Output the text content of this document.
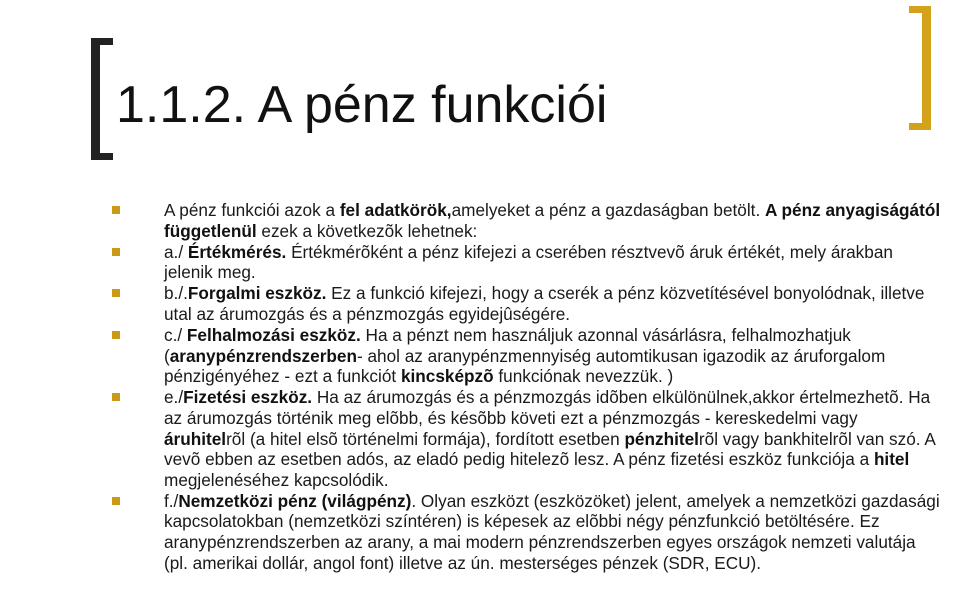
1.1.2. A pénz funkciói
A pénz funkciói azok a fel adatkörök,amelyeket a pénz a gazdaságban betölt. A pénz anyagiságától függetlenül ezek a következõk lehetnek:
a./ Értékmérés. Értékmérõként a pénz kifejezi a cserében résztvevõ áruk értékét, mely árakban jelenik meg.
b./.Forgalmi eszköz. Ez a funkció kifejezi, hogy a cserék a pénz közvetítésével bonyolódnak, illetve utal az árumozgás és a pénzmozgás egyidejûségére.
c./ Felhalmozási eszköz. Ha a pénzt nem használjuk azonnal vásárlásra, felhalmozhatjuk (aranypénzrendszerben- ahol az aranypénzmennyiség automtikusan igazodik az áruforgalom pénzigényéhez - ezt a funkciót kincsképzõ funkciónak nevezzük. )
e./Fizetési eszköz. Ha az árumozgás és a pénzmozgás idõben elkülönülnek,akkor értelmezhetõ. Ha az árumozgás történik meg elõbb, és késõbb követi ezt a pénzmozgás - kereskedelmi vagy áruhitelrõl (a hitel elsõ történelmi formája), fordított esetben pénzhitelrõl vagy bankhitelrõl van szó. A vevõ ebben az esetben adós, az eladó pedig hitelezõ lesz. A pénz fizetési eszköz funkciója a hitel megjelenéséhez kapcsolódik.
f./Nemzetközi pénz (világpénz). Olyan eszközt (eszközöket) jelent, amelyek a nemzetközi gazdasági kapcsolatokban (nemzetközi színtéren) is képesek az elõbbi négy pénzfunkció betöltésére. Ez aranypénzrendszerben az arany, a mai modern pénzrendszerben egyes országok nemzeti valutája (pl. amerikai dollár, angol font) illetve az ún. mesterséges pénzek (SDR, ECU).
